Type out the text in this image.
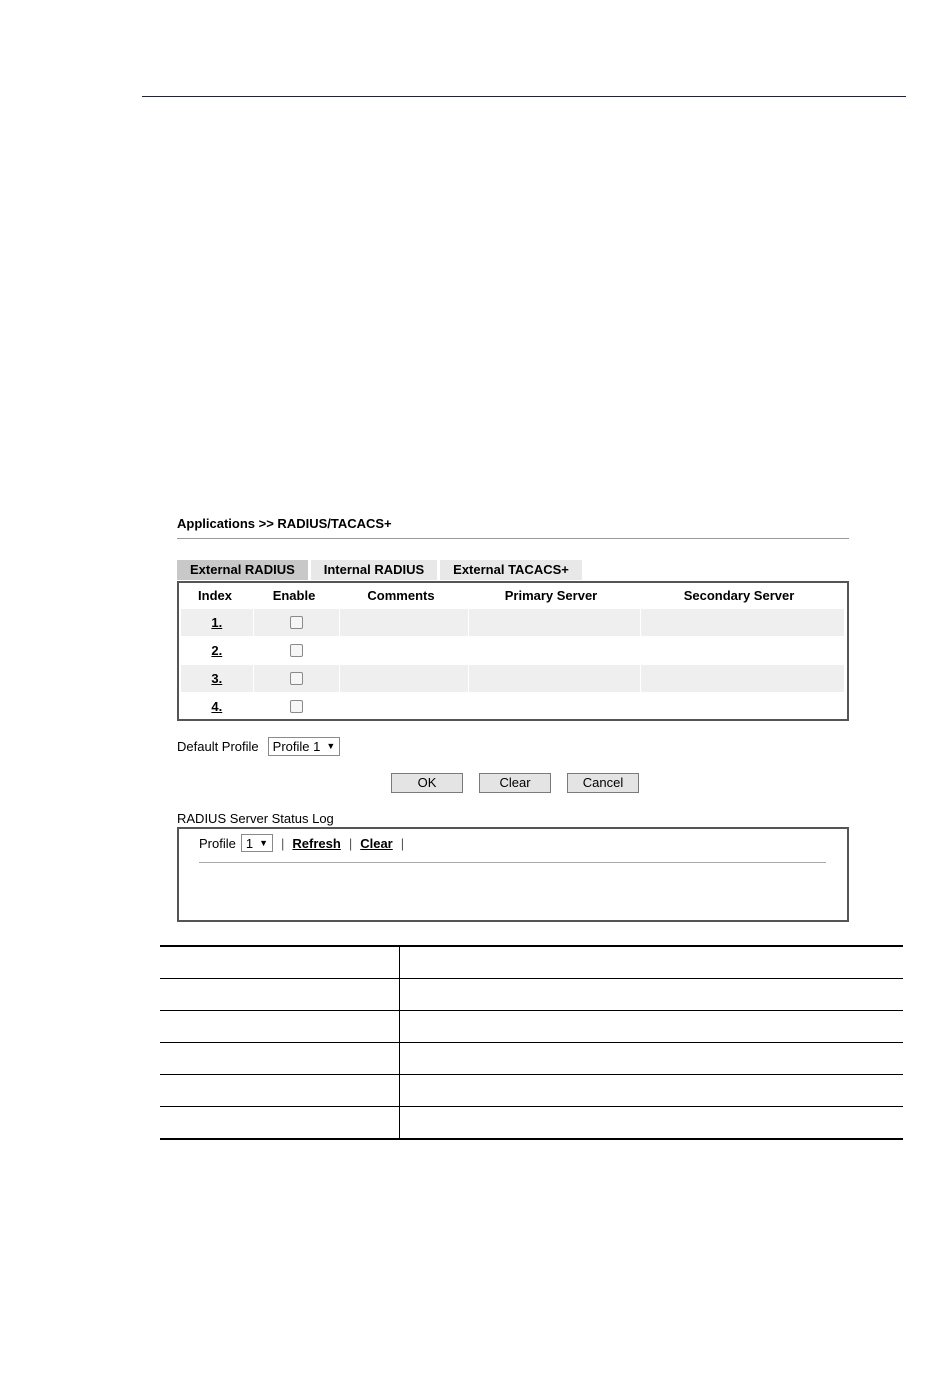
Applications >> RADIUS/TACACS+
External RADIUS	Internal RADIUS	External TACACS+
Index	Enable	Comments	Primary Server	Secondary Server
1.
2.
3.
4.
Default Profile Profile 1 ▼
OK	Clear	Cancel
RADIUS Server Status Log
Profile 1 ▼ | Refresh | Clear |
